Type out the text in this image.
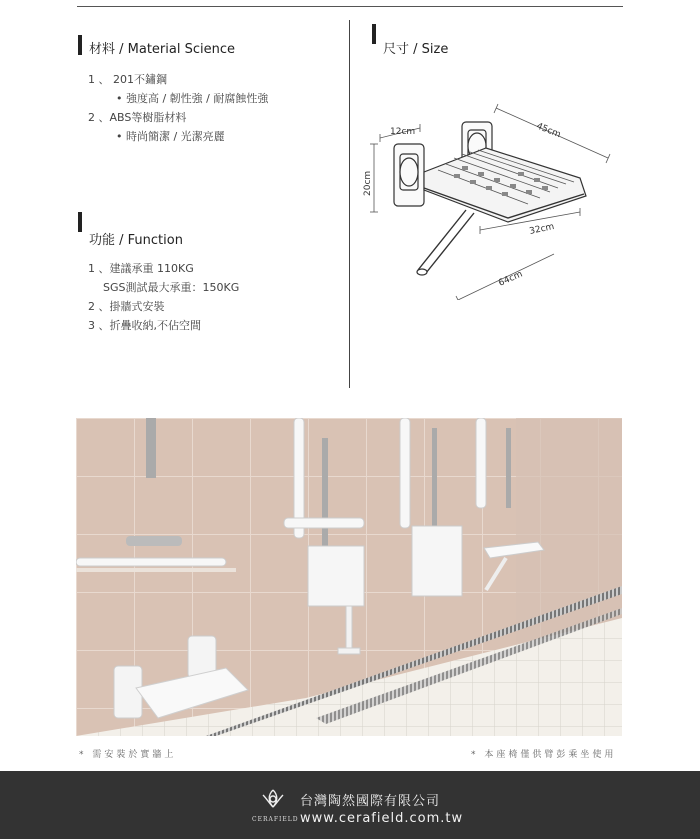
材料 / Material Science
1 、 201不鏽鋼
• 強度高 / 韌性強 / 耐腐蝕性強
2 、ABS等樹脂材料
• 時尚簡潔 / 光潔亮麗
功能 / Function
1 、建議承重 110KG
SGS測試最大承重：150KG
2 、掛牆式安裝
3 、折疊收納,不佔空間
尺寸 / Size
12cm	45cm
20cm
32cm
64cm
* 需安裝於實牆上	* 本座椅僅供臂彭乘坐使用
CERAFIELD
台灣陶然國際有限公司
www.cerafield.com.tw
